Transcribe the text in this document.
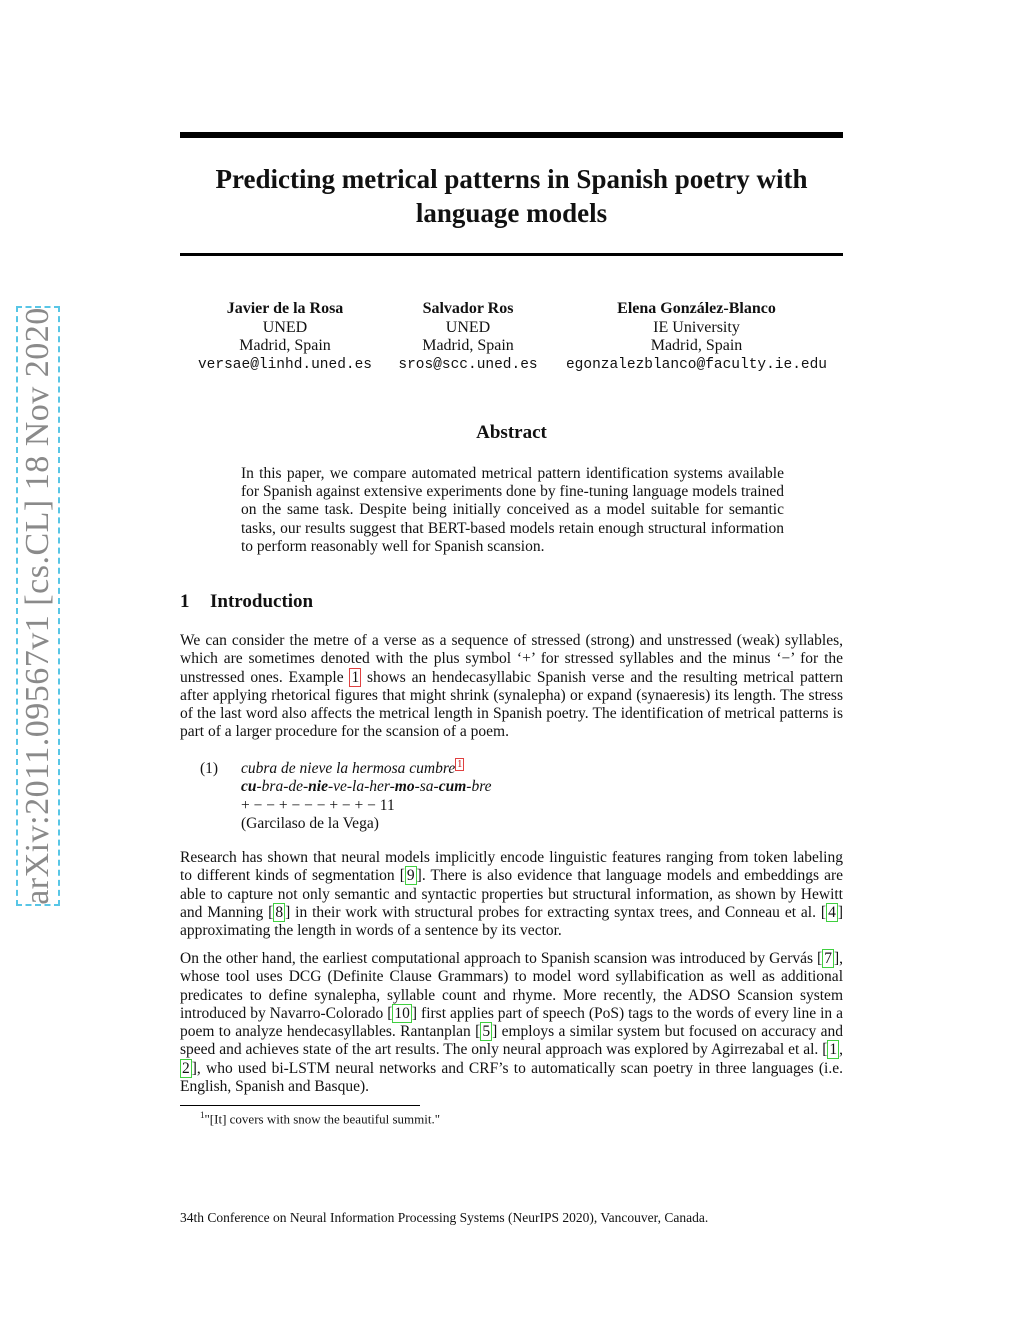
arXiv:2011.09567v1 [cs.CL] 18 Nov 2020
Predicting metrical patterns in Spanish poetry with
language models
Javier de la Rosa
UNED
Madrid, Spain
versae@linhd.uned.es
Salvador Ros
UNED
Madrid, Spain
sros@scc.uned.es
Elena González-Blanco
IE University
Madrid, Spain
egonzalezblanco@faculty.ie.edu
Abstract
In this paper, we compare automated metrical pattern identification systems available for Spanish against extensive experiments done by fine-tuning language models trained on the same task. Despite being initially conceived as a model suitable for semantic tasks, our results suggest that BERT-based models retain enough structural information to perform reasonably well for Spanish scansion.
1 Introduction
We can consider the metre of a verse as a sequence of stressed (strong) and unstressed (weak) syllables, which are sometimes denoted with the plus symbol ‘+’ for stressed syllables and the minus ‘−’ for the unstressed ones. Example 1 shows an hendecasyllabic Spanish verse and the resulting metrical pattern after applying rhetorical figures that might shrink (synalepha) or expand (synaeresis) its length. The stress of the last word also affects the metrical length in Spanish poetry. The identification of metrical patterns is part of a larger procedure for the scansion of a poem.
(1) cubra de nieve la hermosa cumbre $^1$
cu-bra-de-nie-ve-la-her-mo-sa-cum-bre
+ − − + − − − + − + − 11
(Garcilaso de la Vega)
Research has shown that neural models implicitly encode linguistic features ranging from token labeling to different kinds of segmentation [ 9 ]. There is also evidence that language models and embeddings are able to capture not only semantic and syntactic properties but structural information, as shown by Hewitt and Manning [ 8 ] in their work with structural probes for extracting syntax trees, and Conneau et al. [ 4 ] approximating the length in words of a sentence by its vector.
On the other hand, the earliest computational approach to Spanish scansion was introduced by Gervás [ 7 ], whose tool uses DCG (Definite Clause Grammars) to model word syllabification as well as additional predicates to define synalepha, syllable count and rhyme. More recently, the ADSO Scansion system introduced by Navarro-Colorado [ 10 ] first applies part of speech (PoS) tags to the words of every line in a poem to analyze hendecasyllables. Rantanplan [ 5 ] employs a similar system but focused on accuracy and speed and achieves state of the art results. The only neural approach was explored by Agirrezabal et al. [ 1 , 2 ], who used bi-LSTM neural networks and CRF’s to automatically scan poetry in three languages (i.e. English, Spanish and Basque).
$^1$"[It] covers with snow the beautiful summit."
34th Conference on Neural Information Processing Systems (NeurIPS 2020), Vancouver, Canada.
